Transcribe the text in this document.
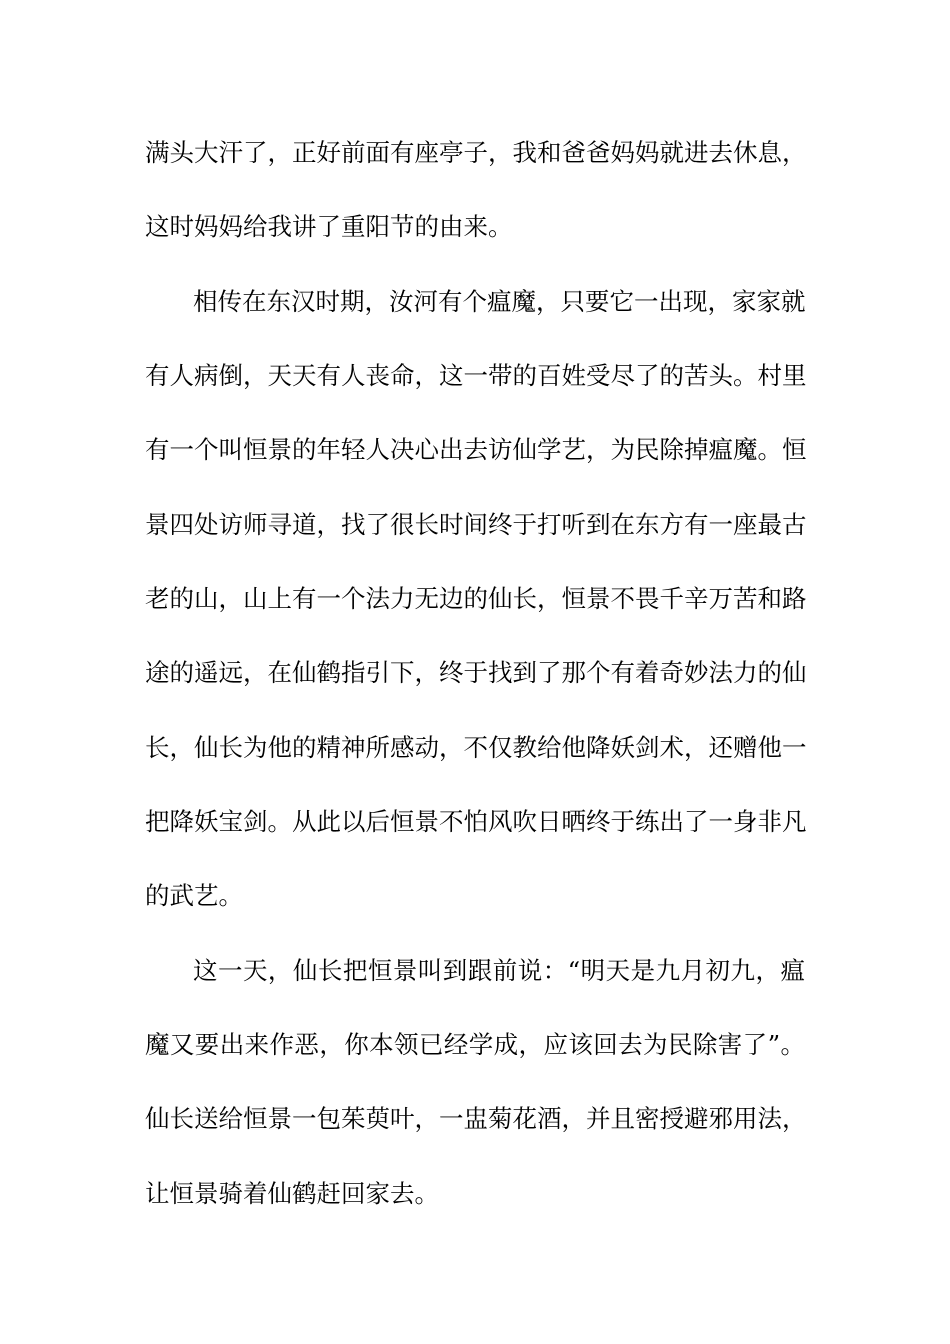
满头大汗了，正好前面有座亭子，我和爸爸妈妈就进去休息，
这时妈妈给我讲了重阳节的由来。
相传在东汉时期，汝河有个瘟魔，只要它一出现，家家就
有人病倒，天天有人丧命，这一带的百姓受尽了的苦头。村里
有一个叫恒景的年轻人决心出去访仙学艺，为民除掉瘟魔。恒
景四处访师寻道，找了很长时间终于打听到在东方有一座最古
老的山，山上有一个法力无边的仙长，恒景不畏千辛万苦和路
途的遥远，在仙鹤指引下，终于找到了那个有着奇妙法力的仙
长，仙长为他的精神所感动，不仅教给他降妖剑术，还赠他一
把降妖宝剑。从此以后恒景不怕风吹日晒终于练出了一身非凡
的武艺。
这一天，仙长把恒景叫到跟前说：“明天是九月初九，瘟
魔又要出来作恶，你本领已经学成，应该回去为民除害了”。
仙长送给恒景一包茱萸叶，一盅菊花酒，并且密授避邪用法，
让恒景骑着仙鹤赶回家去。
